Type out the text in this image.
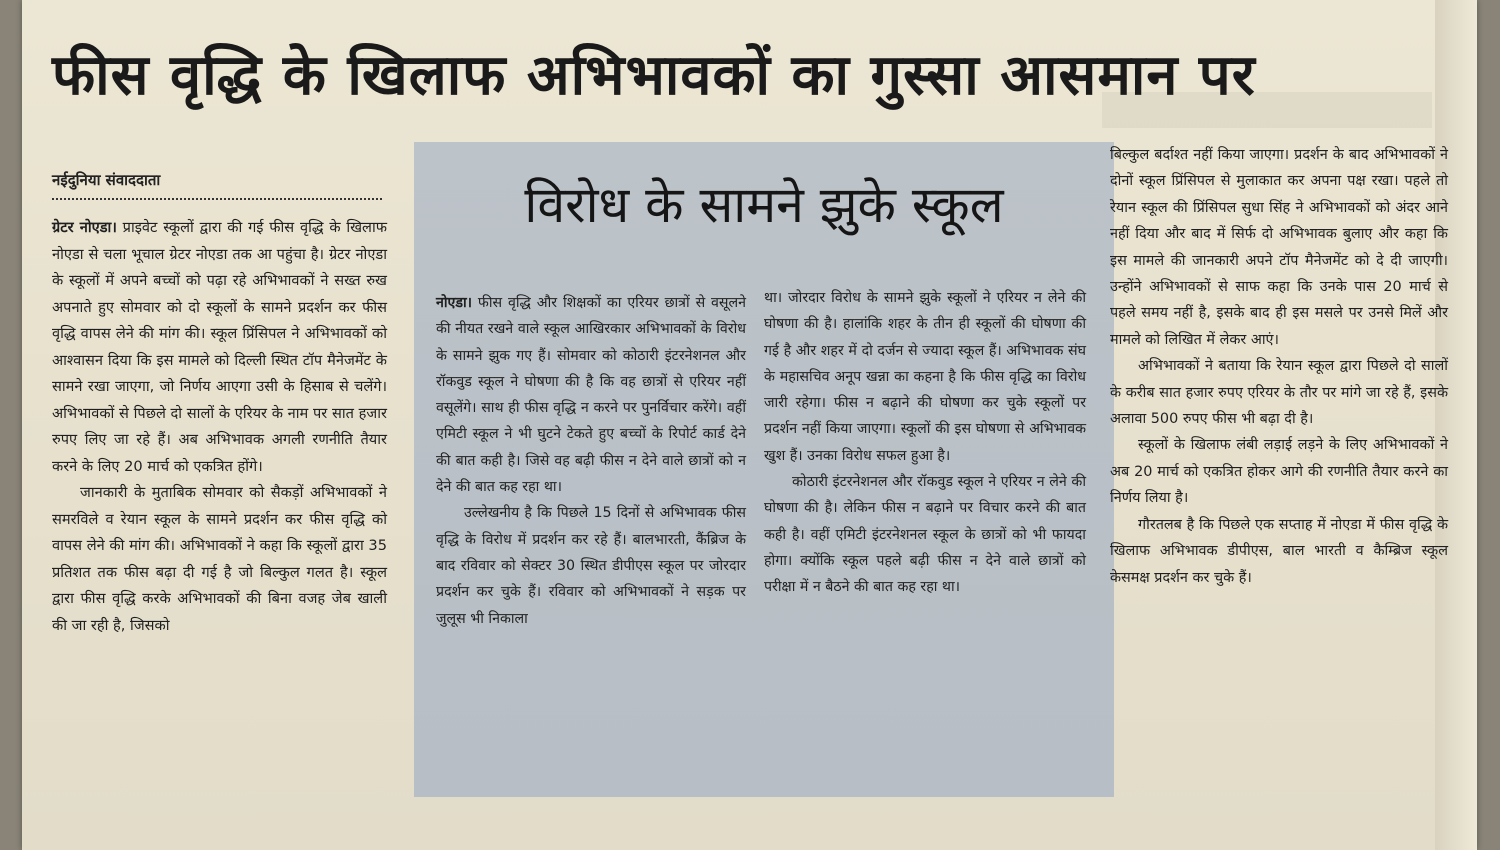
फीस वृद्धि के खिलाफ अभिभावकों का गुस्सा आसमान पर
नईदुनिया संवाददाता

ग्रेटर नोएडा। प्राइवेट स्कूलों द्वारा की गई फीस वृद्धि के खिलाफ नोएडा से चला भूचाल ग्रेटर नोएडा तक आ पहुंचा है। ग्रेटर नोएडा के स्कूलों में अपने बच्चों को पढ़ा रहे अभिभावकों ने सख्त रुख अपनाते हुए सोमवार को दो स्कूलों के सामने प्रदर्शन कर फीस वृद्धि वापस लेने की मांग की। स्कूल प्रिंसिपल ने अभिभावकों को आश्वासन दिया कि इस मामले को दिल्ली स्थित टॉप मैनेजमेंट के सामने रखा जाएगा, जो निर्णय आएगा उसी के हिसाब से चलेंगे। अभिभावकों से पिछले दो सालों के एरियर के नाम पर सात हजार रुपए लिए जा रहे हैं। अब अभिभावक अगली रणनीति तैयार करने के लिए 20 मार्च को एकत्रित होंगे।

जानकारी के मुताबिक सोमवार को सैकड़ों अभिभावकों ने समरविले व रेयान स्कूल के सामने प्रदर्शन कर फीस वृद्धि को वापस लेने की मांग की। अभिभावकों ने कहा कि स्कूलों द्वारा 35 प्रतिशत तक फीस बढ़ा दी गई है जो बिल्कुल गलत है। स्कूल द्वारा फीस वृद्धि करके अभिभावकों की बिना वजह जेब खाली की जा रही है, जिसको

विरोध के सामने झुके स्कूल

नोएडा। फीस वृद्धि और शिक्षकों का एरियर छात्रों से वसूलने की नीयत रखने वाले स्कूल आखिरकार अभिभावकों के विरोध के सामने झुक गए हैं। सोमवार को कोठारी इंटरनेशनल और रॉकवुड स्कूल ने घोषणा की है कि वह छात्रों से एरियर नहीं वसूलेंगे। साथ ही फीस वृद्धि न करने पर पुनर्विचार करेंगे। वहीं एमिटी स्कूल ने भी घुटने टेकते हुए बच्चों के रिपोर्ट कार्ड देने की बात कही है। जिसे वह बढ़ी फीस न देने वाले छात्रों को न देने की बात कह रहा था।

उल्लेखनीय है कि पिछले 15 दिनों से अभिभावक फीस वृद्धि के विरोध में प्रदर्शन कर रहे हैं। बालभारती, कैंब्रिज के बाद रविवार को सेक्टर 30 स्थित डीपीएस स्कूल पर जोरदार प्रदर्शन कर चुके हैं। रविवार को अभिभावकों ने सड़क पर जुलूस भी निकाला

था। जोरदार विरोध के सामने झुके स्कूलों ने एरियर न लेने की घोषणा की है। हालांकि शहर के तीन ही स्कूलों की घोषणा की गई है और शहर में दो दर्जन से ज्यादा स्कूल हैं। अभिभावक संघ के महासचिव अनूप खन्ना का कहना है कि फीस वृद्धि का विरोध जारी रहेगा। फीस न बढ़ाने की घोषणा कर चुके स्कूलों पर प्रदर्शन नहीं किया जाएगा। स्कूलों की इस घोषणा से अभिभावक खुश हैं। उनका विरोध सफल हुआ है।

कोठारी इंटरनेशनल और रॉकवुड स्कूल ने एरियर न लेने की घोषणा की है। लेकिन फीस न बढ़ाने पर विचार करने की बात कही है। वहीं एमिटी इंटरनेशनल स्कूल के छात्रों को भी फायदा होगा। क्योंकि स्कूल पहले बढ़ी फीस न देने वाले छात्रों को परीक्षा में न बैठने की बात कह रहा था।

बिल्कुल बर्दाश्त नहीं किया जाएगा। प्रदर्शन के बाद अभिभावकों ने दोनों स्कूल प्रिंसिपल से मुलाकात कर अपना पक्ष रखा। पहले तो रेयान स्कूल की प्रिंसिपल सुधा सिंह ने अभिभावकों को अंदर आने नहीं दिया और बाद में सिर्फ दो अभिभावक बुलाए और कहा कि इस मामले की जानकारी अपने टॉप मैनेजमेंट को दे दी जाएगी। उन्होंने अभिभावकों से साफ कहा कि उनके पास 20 मार्च से पहले समय नहीं है, इसके बाद ही इस मसले पर उनसे मिलें और मामले को लिखित में लेकर आएं।

अभिभावकों ने बताया कि रेयान स्कूल द्वारा पिछले दो सालों के करीब सात हजार रुपए एरियर के तौर पर मांगे जा रहे हैं, इसके अलावा 500 रुपए फीस भी बढ़ा दी है।

स्कूलों के खिलाफ लंबी लड़ाई लड़ने के लिए अभिभावकों ने अब 20 मार्च को एकत्रित होकर आगे की रणनीति तैयार करने का निर्णय लिया है।

गौरतलब है कि पिछले एक सप्ताह में नोएडा में फीस वृद्धि के खिलाफ अभिभावक डीपीएस, बाल भारती व कैम्ब्रिज स्कूल केसमक्ष प्रदर्शन कर चुके हैं।
